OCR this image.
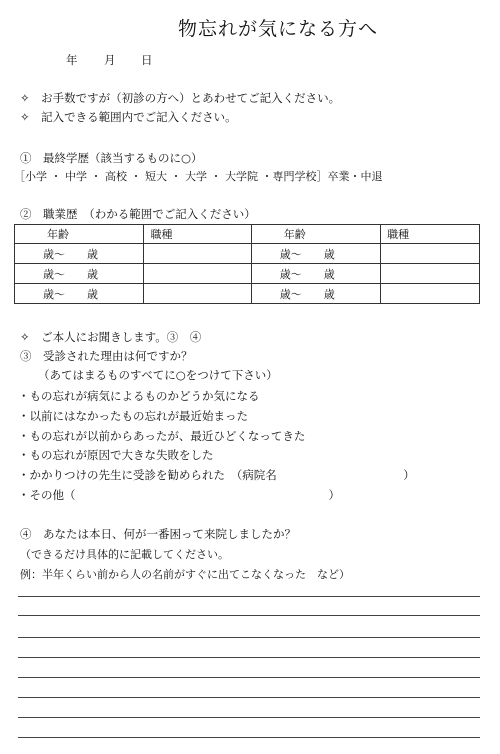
物忘れが気になる方へ
年 月 日
✧　お手数ですが（初診の方へ）とあわせてご記入ください。
✧　記入できる範囲内でご記入ください。
①　最終学歴（該当するものに○）
［小学 ・ 中学 ・ 高校 ・ 短大 ・ 大学 ・ 大学院 ・専門学校］卒業・中退
②　職業歴　（わかる範囲でご記入ください）
年齢	職種	年齢	職種
歳〜　　歳		歳〜　　歳	
歳〜　　歳		歳〜　　歳	
歳〜　　歳		歳〜　　歳	
✧　ご本人にお聞きします。③　④
③　受診された理由は何ですか？
（あてはまるものすべてに○をつけて下さい）
・もの忘れが病気によるものかどうか気になる
・以前にはなかったもの忘れが最近始まった
・もの忘れが以前からあったが、最近ひどくなってきた
・もの忘れが原因で大きな失敗をした
・かかりつけの先生に受診を勧められた　（病院名　　　　　　　　　　　）
・その他（　　　　　　　　　　　　　　　　　　　　　　）
④　あなたは本日、何が一番困って来院しましたか？
（できるだけ具体的に記載してください。
例：半年くらい前から人の名前がすぐに出てこなくなった　など）
